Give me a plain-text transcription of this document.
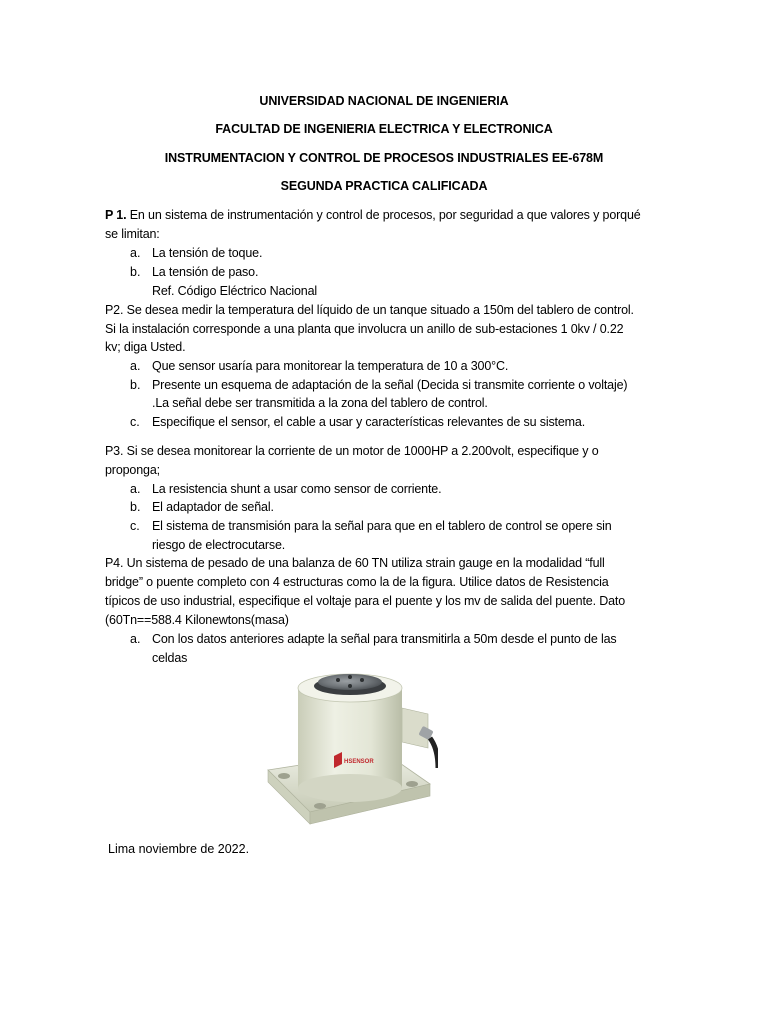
UNIVERSIDAD NACIONAL DE INGENIERIA
FACULTAD DE INGENIERIA ELECTRICA Y ELECTRONICA
INSTRUMENTACION Y CONTROL DE PROCESOS INDUSTRIALES EE-678M
SEGUNDA PRACTICA CALIFICADA
P 1. En un sistema de instrumentación y control de procesos, por seguridad a que valores y porqué
se limitan:
a. La tensión de toque.
b. La tensión de paso.
Ref. Código Eléctrico Nacional
P2. Se desea medir la temperatura del líquido de un tanque situado a 150m del tablero de control.
Si la instalación corresponde a una planta que involucra un anillo de sub-estaciones 1 0kv / 0.22
kv; diga Usted.
a. Que sensor usaría para monitorear la temperatura de 10 a 300°C.
b. Presente un esquema de adaptación de la señal (Decida si transmite corriente o voltaje)
.La señal debe ser transmitida a la zona del tablero de control.
c. Especifique el sensor, el cable a usar y características relevantes de su sistema.
P3. Si se desea monitorear la corriente de un motor de 1000HP a 2.200volt, especifique y o
proponga;
a. La resistencia shunt a usar como sensor de corriente.
b. El adaptador de señal.
c. El sistema de transmisión para la señal para que en el tablero de control se opere sin
riesgo de electrocutarse.
P4. Un sistema de pesado de una balanza de 60 TN utiliza strain gauge en la modalidad “full
bridge” o puente completo con 4 estructuras como la de la figura. Utilice datos de Resistencia
típicos de uso industrial, especifique el voltaje para el puente y los mv de salida del puente. Dato
(60Tn==588.4 Kilonewtons(masa)
a. Con los datos anteriores adapte la señal para transmitirla a 50m desde el punto de las
celdas
HSENSOR
Lima noviembre de 2022.
